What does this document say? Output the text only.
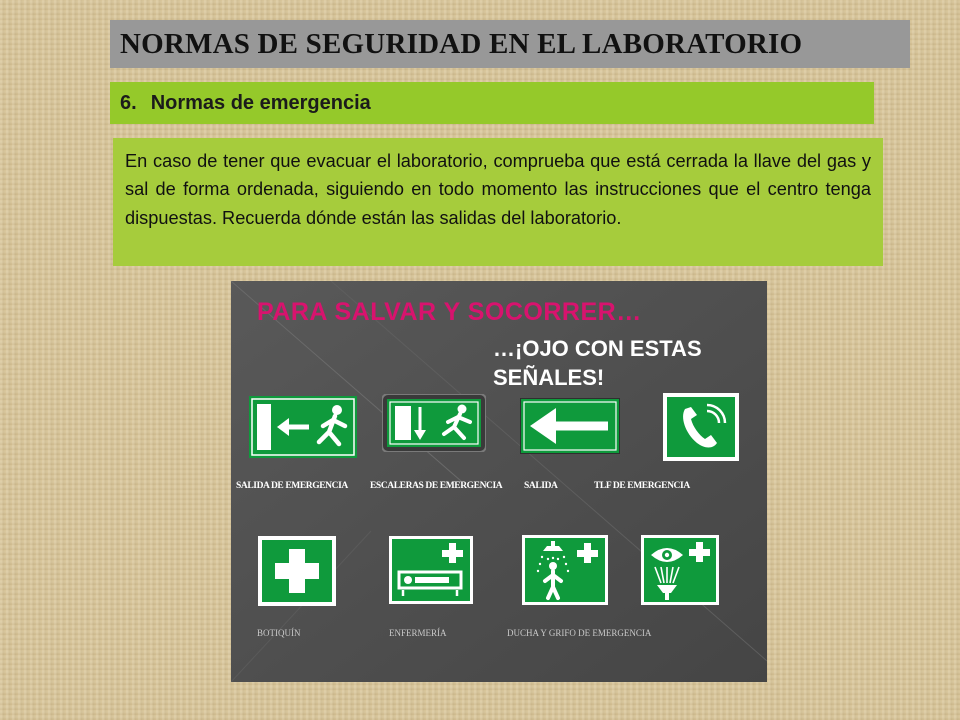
NORMAS DE SEGURIDAD EN EL LABORATORIO
6. Normas de emergencia

En caso de tener que evacuar el laboratorio, comprueba que está cerrada la llave del gas y sal de forma ordenada, siguiendo en todo momento las instrucciones que el centro tenga dispuestas. Recuerda dónde están las salidas del laboratorio.

PARA SALVAR Y SOCORRER…
…¡OJO CON ESTAS SEÑALES!
SALIDA DE EMERGENCIA ESCALERAS DE EMERGENCIA SALIDA	TLF DE EMERGENCIA
BOTIQUÍN	ENFERMERÍA	DUCHA Y GRIFO DE EMERGENCIA
